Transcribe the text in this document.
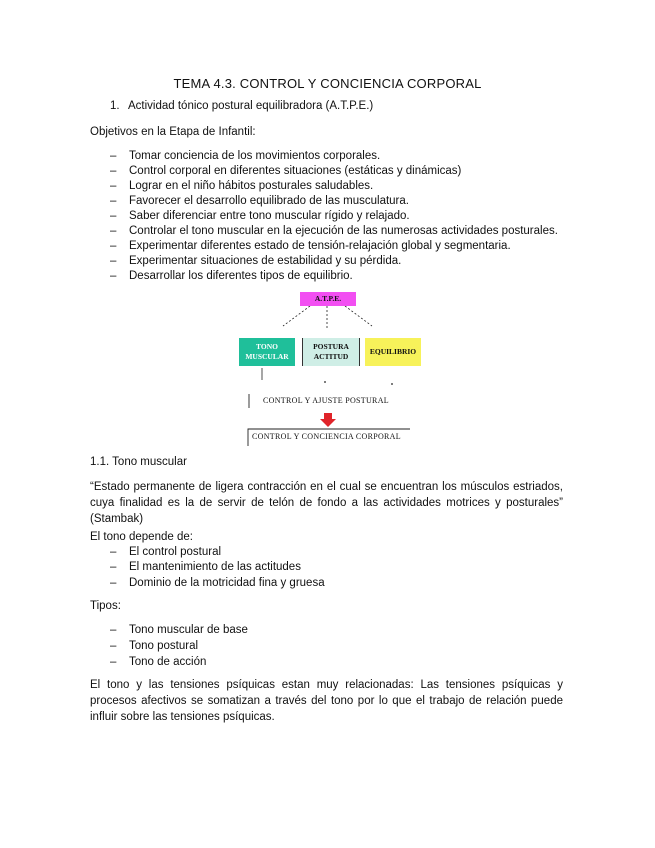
TEMA 4.3. CONTROL Y CONCIENCIA CORPORAL
1. Actividad tónico postural equilibradora (A.T.P.E.)
Objetivos en la Etapa de Infantil:
– Tomar conciencia de los movimientos corporales.
– Control corporal en diferentes situaciones (estáticas y dinámicas)
– Lograr en el niño hábitos posturales saludables.
– Favorecer el desarrollo equilibrado de las musculatura.
– Saber diferenciar entre tono muscular rígido y relajado.
– Controlar el tono muscular en la ejecución de las numerosas actividades posturales.
– Experimentar diferentes estado de tensión-relajación global y segmentaria.
– Experimentar situaciones de estabilidad y su pérdida.
– Desarrollar los diferentes tipos de equilibrio.
A.T.P.E.
TONO
MUSCULAR
POSTURA
ACTITUD
EQUILIBRIO
CONTROL Y AJUSTE POSTURAL
CONTROL Y CONCIENCIA CORPORAL
1.1. Tono muscular

“Estado permanente de ligera contracción en el cual se encuentran los músculos estriados, cuya finalidad es la de servir de telón de fondo a las actividades motrices y posturales” (Stambak)

El tono depende de:
– El control postural
– El mantenimiento de las actitudes
– Dominio de la motricidad fina y gruesa
Tipos:
– Tono muscular de base
– Tono postural
– Tono de acción

El tono y las tensiones psíquicas estan muy relacionadas: Las tensiones psíquicas y procesos afectivos se somatizan a través del tono por lo que el trabajo de relación puede influir sobre las tensiones psíquicas.
